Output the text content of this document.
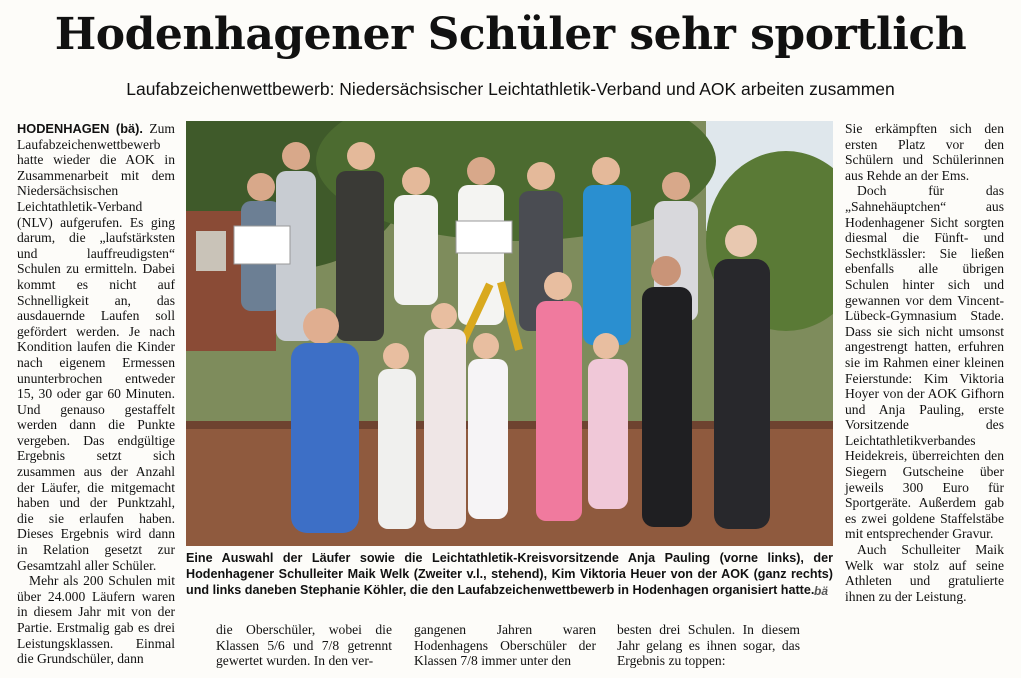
Hodenhagener Schüler sehr sportlich

Laufabzeichenwettbewerb: Niedersächsischer Leichtathletik-Verband und AOK arbeiten zusammen

HODENHAGEN (bä). Zum Laufabzeichenwettbewerb hatte wieder die AOK in Zusammenarbeit mit dem Niedersächsischen Leichtathletik-Verband (NLV) aufgerufen. Es ging darum, die „laufstärksten und lauffreudigsten“ Schulen zu ermitteln. Dabei kommt es nicht auf Schnelligkeit an, das ausdauernde Laufen soll gefördert werden. Je nach Kondition laufen die Kinder nach eigenem Ermessen ununterbrochen entweder 15, 30 oder gar 60 Minuten. Und genauso gestaffelt werden dann die Punkte vergeben. Das endgültige Ergebnis setzt sich zusammen aus der Anzahl der Läufer, die mitgemacht haben und der Punktzahl, die sie erlaufen haben. Dieses Ergebnis wird dann in Relation gesetzt zur Gesamtzahl aller Schüler.

Mehr als 200 Schulen mit über 24.000 Läufern waren in diesem Jahr mit von der Partie. Erstmalig gab es drei Leistungsklassen. Einmal die Grundschüler, dann

die Oberschüler, wobei die Klassen 5/6 und 7/8 getrennt gewertet wurden. In den ver-

gangenen Jahren waren Hodenhagens Oberschüler der Klassen 7/8 immer unter den

besten drei Schulen. In diesem Jahr gelang es ihnen sogar, das Ergebnis zu toppen:

Sie erkämpften sich den ersten Platz vor den Schülern und Schülerinnen aus Rehde an der Ems.

Doch für das „Sahnehäuptchen“ aus Hodenhagener Sicht sorgten diesmal die Fünft- und Sechstklässler: Sie ließen ebenfalls alle übrigen Schulen hinter sich und gewannen vor dem Vincent-Lübeck-Gymnasium Stade. Dass sie sich nicht umsonst angestrengt hatten, erfuhren sie im Rahmen einer kleinen Feierstunde: Kim Viktoria Hoyer von der AOK Gifhorn und Anja Pauling, erste Vorsitzende des Leichtathletikverbandes Heidekreis, überreichten den Siegern Gutscheine über jeweils 300 Euro für Sportgeräte. Außerdem gab es zwei goldene Staffelstäbe mit entsprechender Gravur.

Auch Schulleiter Maik Welk war stolz auf seine Athleten und gratulierte ihnen zu der Leistung.

Eine Auswahl der Läufer sowie die Leichtathletik-Kreisvorsitzende Anja Pauling (vorne links), der Hodenhagener Schulleiter Maik Welk (Zweiter v.l., stehend), Kim Viktoria Heuer von der AOK (ganz rechts) und links daneben Stephanie Köhler, die den Laufabzeichenwettbewerb in Hodenhagen organisiert hatte. bä
